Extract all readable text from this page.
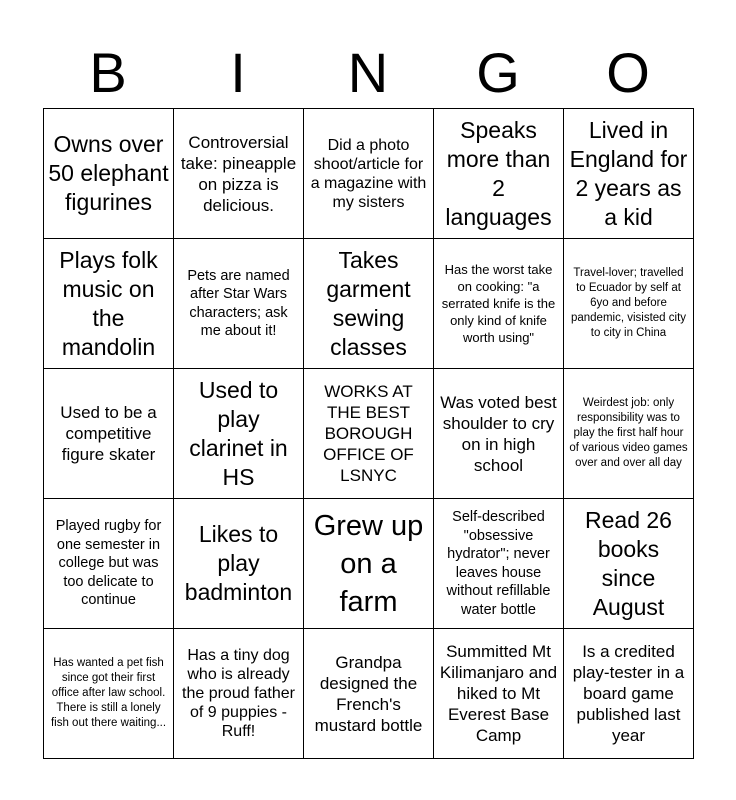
B	I	N	G	O
Owns over 50 elephant figurines	Controversial take: pineapple on pizza is delicious.	Did a photo shoot/article for a magazine with my sisters	Speaks more than 2 languages	Lived in England for 2 years as a kid
Plays folk music on the mandolin	Pets are named after Star Wars characters; ask me about it!	Takes garment sewing classes	Has the worst take on cooking: "a serrated knife is the only kind of knife worth using"	Travel-lover; travelled to Ecuador by self at 6yo and before pandemic, visisted city to city in China
Used to be a competitive figure skater	Used to play clarinet in HS	WORKS AT THE BEST BOROUGH OFFICE OF LSNYC	Was voted best shoulder to cry on in high school	Weirdest job: only responsibility was to play the first half hour of various video games over and over all day
Played rugby for one semester in college but was too delicate to continue	Likes to play badminton	Grew up on a farm	Self-described "obsessive hydrator"; never leaves house without refillable water bottle	Read 26 books since August
Has wanted a pet fish since got their first office after law school. There is still a lonely fish out there waiting...	Has a tiny dog who is already the proud father of 9 puppies - Ruff!	Grandpa designed the French's mustard bottle	Summitted Mt Kilimanjaro and hiked to Mt Everest Base Camp	Is a credited play-tester in a board game published last year
